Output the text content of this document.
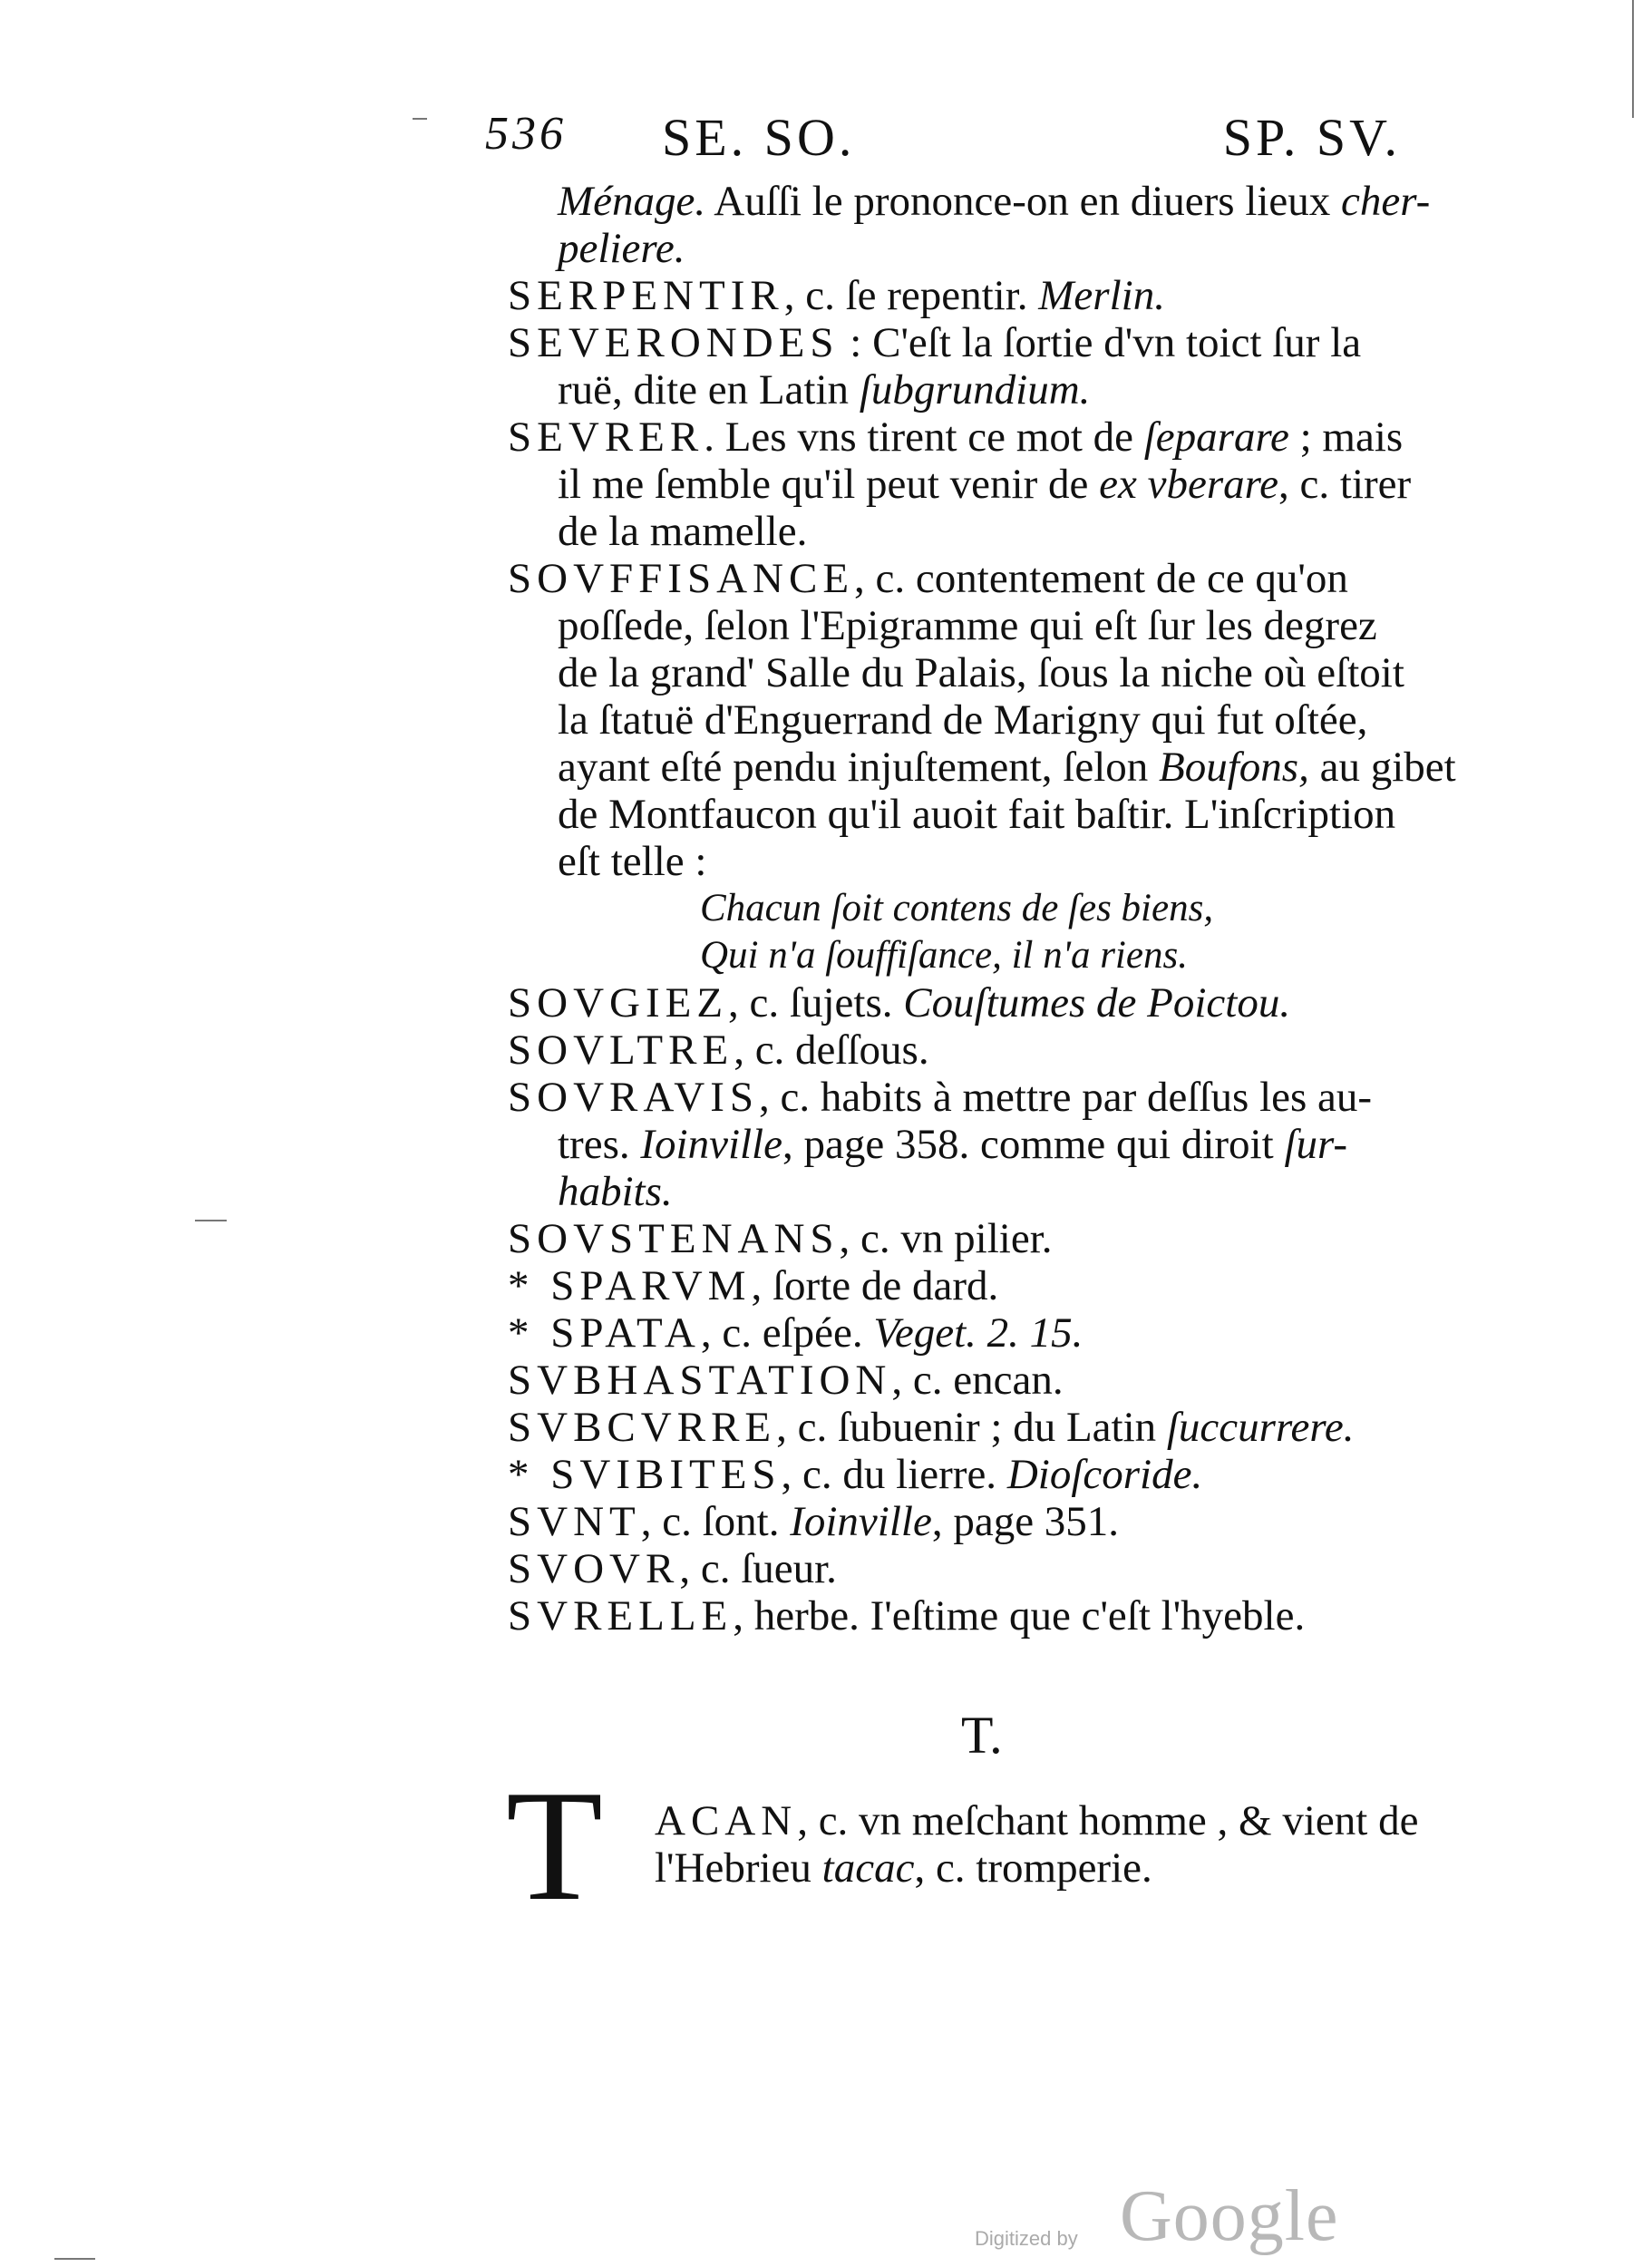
536 SE. SO.	SP. SV.
Ménage. Auſſi le prononce-on en diuers lieux cher-
peliere.
SERPENTIR, c. ſe repentir. Merlin.
SEVERONDES : C'eſt la ſortie d'vn toict ſur la
ruë, dite en Latin ſubgrundium.
SEVRER. Les vns tirent ce mot de ſeparare ; mais
il me ſemble qu'il peut venir de ex vberare, c. tirer
de la mamelle.
SOVFFISANCE, c. contentement de ce qu'on
poſſede, ſelon l'Epigramme qui eſt ſur les degrez
de la grand' Salle du Palais, ſous la niche où eſtoit
la ſtatuë d'Enguerrand de Marigny qui fut oſtée,
ayant eſté pendu injuſtement, ſelon Boufons, au gibet
de Montfaucon qu'il auoit fait baſtir. L'inſcription
eſt telle :
Chacun ſoit contens de ſes biens,
Qui n'a ſouffiſance, il n'a riens.
SOVGIEZ, c. ſujets. Couſtumes de Poictou.
SOVLTRE, c. deſſous.
SOVRAVIS, c. habits à mettre par deſſus les au-
tres. Ioinville, page 358. comme qui diroit ſur-
habits.
SOVSTENANS, c. vn pilier.
* SPARVM, ſorte de dard.
* SPATA, c. eſpée. Veget. 2. 15.
SVBHASTATION, c. encan.
SVBCVRRE, c. ſubuenir ; du Latin ſuccurrere.
* SVIBITES, c. du lierre. Dioſcoride.
SVNT, c. ſont. Ioinville, page 351.
SVOVR, c. ſueur.
SVRELLE, herbe. I'eſtime que c'eſt l'hyeble.
T.
T ACAN, c. vn meſchant homme , & vient de
l'Hebrieu tacac, c. tromperie.
Digitized by Google
